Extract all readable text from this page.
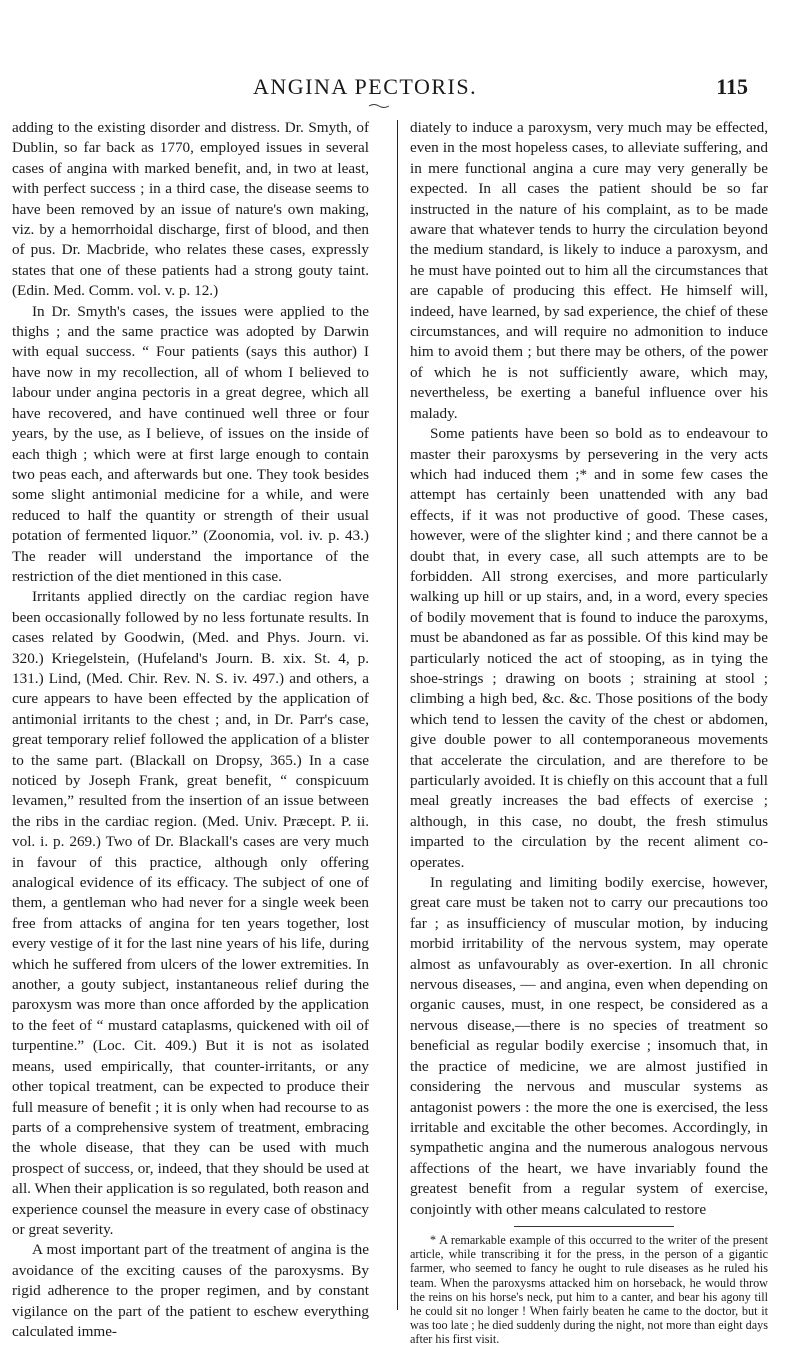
ANGINA PECTORIS.	115

adding to the existing disorder and distress. Dr. Smyth, of Dublin, so far back as 1770, employed issues in several cases of angina with marked benefit, and, in two at least, with perfect success ; in a third case, the disease seems to have been removed by an issue of nature's own making, viz. by a hemorrhoidal discharge, first of blood, and then of pus. Dr. Macbride, who relates these cases, expressly states that one of these patients had a strong gouty taint. (Edin. Med. Comm. vol. v. p. 12.)

In Dr. Smyth's cases, the issues were applied to the thighs ; and the same practice was adopted by Darwin with equal success. “ Four patients (says this author) I have now in my recollection, all of whom I believed to labour under angina pectoris in a great degree, which all have recovered, and have continued well three or four years, by the use, as I believe, of issues on the inside of each thigh ; which were at first large enough to contain two peas each, and afterwards but one. They took besides some slight antimonial medicine for a while, and were reduced to half the quantity or strength of their usual potation of fermented liquor.” (Zoonomia, vol. iv. p. 43.) The reader will understand the importance of the restriction of the diet mentioned in this case.

Irritants applied directly on the cardiac region have been occasionally followed by no less fortunate results. In cases related by Goodwin, (Med. and Phys. Journ. vi. 320.) Kriegelstein, (Hufeland's Journ. B. xix. St. 4, p. 131.) Lind, (Med. Chir. Rev. N. S. iv. 497.) and others, a cure appears to have been effected by the application of antimonial irritants to the chest ; and, in Dr. Parr's case, great temporary relief followed the application of a blister to the same part. (Blackall on Dropsy, 365.) In a case noticed by Joseph Frank, great benefit, “ conspicuum levamen,” resulted from the insertion of an issue between the ribs in the cardiac region. (Med. Univ. Præcept. P. ii. vol. i. p. 269.) Two of Dr. Blackall's cases are very much in favour of this practice, although only offering analogical evidence of its efficacy. The subject of one of them, a gentleman who had never for a single week been free from attacks of angina for ten years together, lost every vestige of it for the last nine years of his life, during which he suffered from ulcers of the lower extremities. In another, a gouty subject, instantaneous relief during the paroxysm was more than once afforded by the application to the feet of “ mustard cataplasms, quickened with oil of turpentine.” (Loc. Cit. 409.) But it is not as isolated means, used empirically, that counter-irritants, or any other topical treatment, can be expected to produce their full measure of benefit ; it is only when had recourse to as parts of a comprehensive system of treatment, embracing the whole disease, that they can be used with much prospect of success, or, indeed, that they should be used at all. When their application is so regulated, both reason and experience counsel the measure in every case of obstinacy or great severity.

A most important part of the treatment of angina is the avoidance of the exciting causes of the paroxysms. By rigid adherence to the proper regimen, and by constant vigilance on the part of the patient to eschew everything calculated imme-

diately to induce a paroxysm, very much may be effected, even in the most hopeless cases, to alleviate suffering, and in mere functional angina a cure may very generally be expected. In all cases the patient should be so far instructed in the nature of his complaint, as to be made aware that whatever tends to hurry the circulation beyond the medium standard, is likely to induce a paroxysm, and he must have pointed out to him all the circumstances that are capable of producing this effect. He himself will, indeed, have learned, by sad experience, the chief of these circumstances, and will require no admonition to induce him to avoid them ; but there may be others, of the power of which he is not sufficiently aware, which may, nevertheless, be exerting a baneful influence over his malady.

Some patients have been so bold as to endeavour to master their paroxysms by persevering in the very acts which had induced them ;* and in some few cases the attempt has certainly been unattended with any bad effects, if it was not productive of good. These cases, however, were of the slighter kind ; and there cannot be a doubt that, in every case, all such attempts are to be forbidden. All strong exercises, and more particularly walking up hill or up stairs, and, in a word, every species of bodily movement that is found to induce the paroxyms, must be abandoned as far as possible. Of this kind may be particularly noticed the act of stooping, as in tying the shoe-strings ; drawing on boots ; straining at stool ; climbing a high bed, &c. &c. Those positions of the body which tend to lessen the cavity of the chest or abdomen, give double power to all contemporaneous movements that accelerate the circulation, and are therefore to be particularly avoided. It is chiefly on this account that a full meal greatly increases the bad effects of exercise ; although, in this case, no doubt, the fresh stimulus imparted to the circulation by the recent aliment co-operates.

In regulating and limiting bodily exercise, however, great care must be taken not to carry our precautions too far ; as insufficiency of muscular motion, by inducing morbid irritability of the nervous system, may operate almost as unfavourably as over-exertion. In all chronic nervous diseases, — and angina, even when depending on organic causes, must, in one respect, be considered as a nervous disease,—there is no species of treatment so beneficial as regular bodily exercise ; insomuch that, in the practice of medicine, we are almost justified in considering the nervous and muscular systems as antagonist powers : the more the one is exercised, the less irritable and excitable the other becomes. Accordingly, in sympathetic angina and the numerous analogous nervous affections of the heart, we have invariably found the greatest benefit from a regular system of exercise, conjointly with other means calculated to restore

* A remarkable example of this occurred to the writer of the present article, while transcribing it for the press, in the person of a gigantic farmer, who seemed to fancy he ought to rule diseases as he ruled his team. When the paroxysms attacked him on horseback, he would throw the reins on his horse's neck, put him to a canter, and bear his agony till he could sit no longer ! When fairly beaten he came to the doctor, but it was too late ; he died suddenly during the night, not more than eight days after his first visit.
